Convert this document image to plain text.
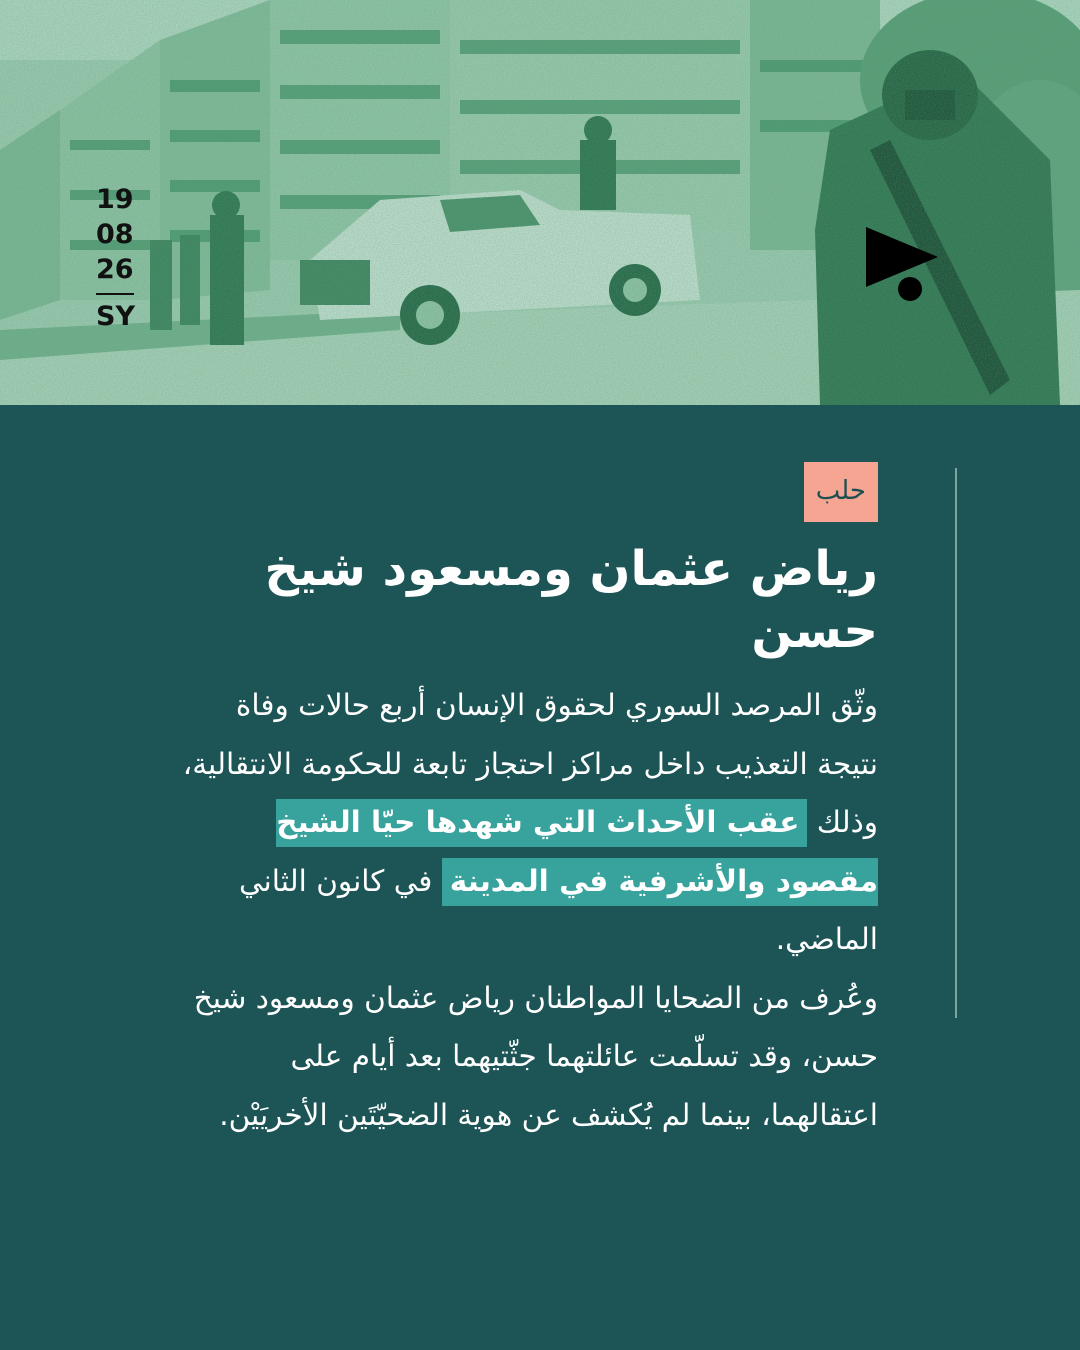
19
08
26
SY
حلب
رياض عثمان ومسعود شيخ حسن
وثّق المرصد السوري لحقوق الإنسان أربع حالات وفاة نتيجة التعذيب داخل مراكز احتجاز تابعة للحكومة الانتقالية، وذلك عقب الأحداث التي شهدها حيّا الشيخ مقصود والأشرفية في المدينة في كانون الثاني الماضي.
وعُرف من الضحايا المواطنان رياض عثمان ومسعود شيخ حسن، وقد تسلّمت عائلتهما جثّتيهما بعد أيام على اعتقالهما، بينما لم يُكشف عن هوية الضحيّتَين الأخريَيْن.
